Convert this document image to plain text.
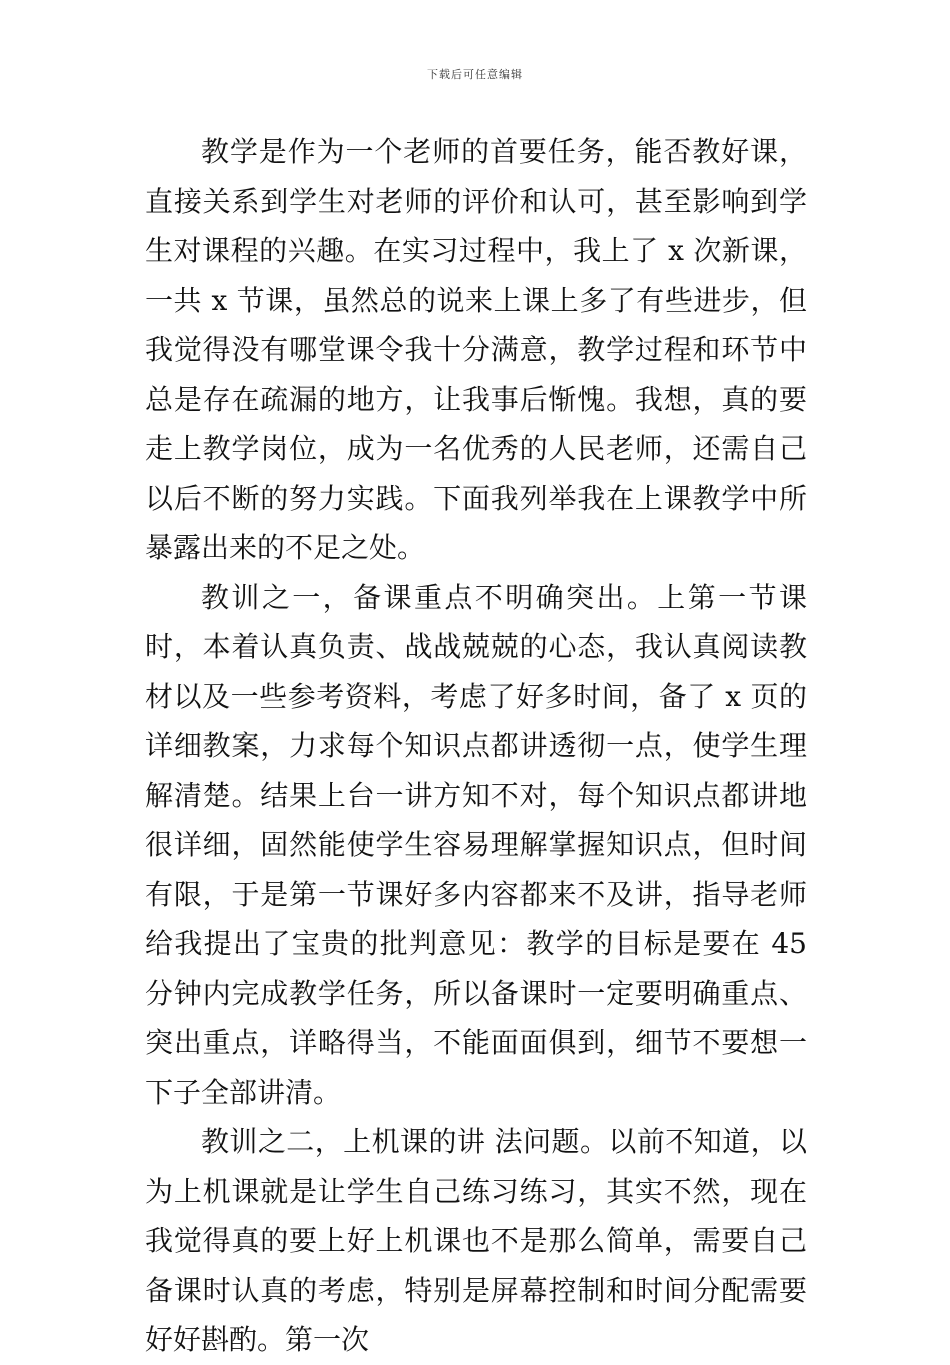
下载后可任意编辑

教学是作为一个老师的首要任务，能否教好课，直接关系到学生对老师的评价和认可，甚至影响到学生对课程的兴趣。在实习过程中，我上了 x 次新课，一共 x 节课，虽然总的说来上课上多了有些进步，但我觉得没有哪堂课令我十分满意，教学过程和环节中总是存在疏漏的地方，让我事后惭愧。我想，真的要走上教学岗位，成为一名优秀的人民老师，还需自己以后不断的努力实践。下面我列举我在上课教学中所暴露出来的不足之处。

教训之一，备课重点不明确突出。上第一节课时，本着认真负责、战战兢兢的心态，我认真阅读教材以及一些参考资料，考虑了好多时间，备了 x 页的详细教案，力求每个知识点都讲透彻一点，使学生理解清楚。结果上台一讲方知不对，每个知识点都讲地很详细，固然能使学生容易理解掌握知识点，但时间有限，于是第一节课好多内容都来不及讲，指导老师给我提出了宝贵的批判意见：教学的目标是要在 45 分钟内完成教学任务，所以备课时一定要明确重点、突出重点，详略得当，不能面面俱到，细节不要想一下子全部讲清。

教训之二，上机课的讲 法问题。以前不知道，以为上机课就是让学生自己练习练习，其实不然，现在我觉得真的要上好上机课也不是那么简单，需要自己备课时认真的考虑，特别是屏幕控制和时间分配需要好好斟酌。第一次
